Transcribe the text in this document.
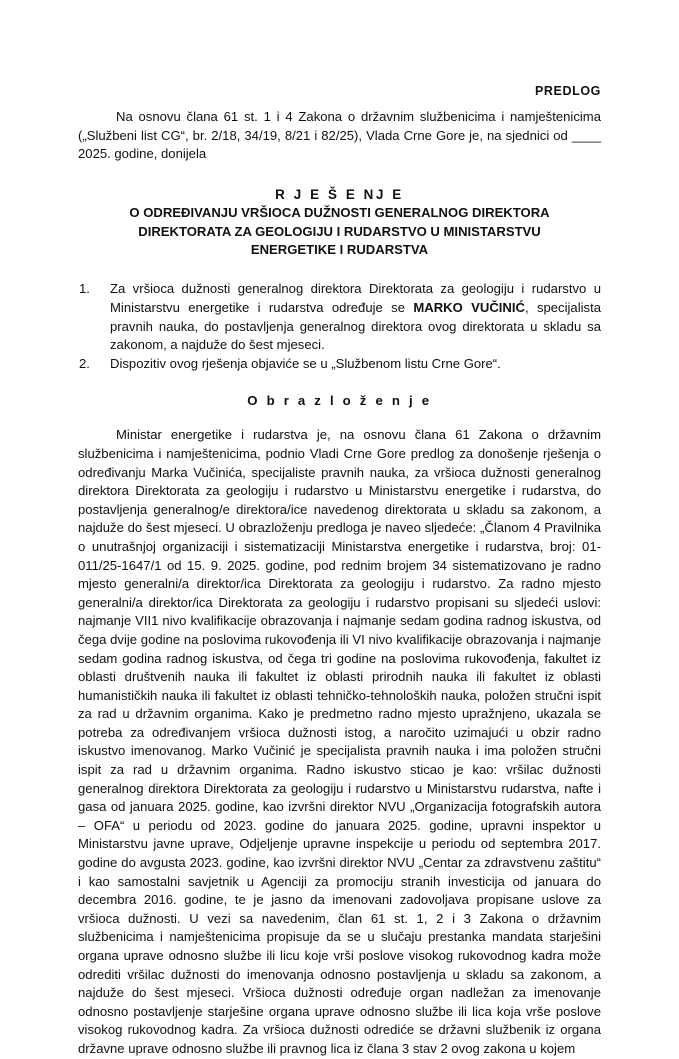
PREDLOG

Na osnovu člana 61 st. 1 i 4 Zakona o državnim službenicima i namještenicima („Službeni list CG“, br. 2/18, 34/19, 8/21 i 82/25), Vlada Crne Gore je, na sjednici od ____ 2025. godine, donijela

R J E Š E NJ E
O ODREĐIVANJU VRŠIOCA DUŽNOSTI GENERALNOG DIREKTORA
DIREKTORATA ZA GEOLOGIJU I RUDARSTVO U MINISTARSTVU
ENERGETIKE I RUDARSTVA
1.	Za vršioca dužnosti generalnog direktora Direktorata za geologiju i rudarstvo u Ministarstvu energetike i rudarstva određuje se MARKO VUČINIĆ, specijalista pravnih nauka, do postavljenja generalnog direktora ovog direktorata u skladu sa zakonom, a najduže do šest mjeseci.
2.	Dispozitiv ovog rješenja objaviće se u „Službenom listu Crne Gore“.
O b r a z l o ž e n j e

Ministar energetike i rudarstva je, na osnovu člana 61 Zakona o državnim službenicima i namještenicima, podnio Vladi Crne Gore predlog za donošenje rješenja o određivanju Marka Vučinića, specijaliste pravnih nauka, za vršioca dužnosti generalnog direktora Direktorata za geologiju i rudarstvo u Ministarstvu energetike i rudarstva, do postavljenja generalnog/e direktora/ice navedenog direktorata u skladu sa zakonom, a najduže do šest mjeseci. U obrazloženju predloga je naveo sljedeće: „Članom 4 Pravilnika o unutrašnjoj organizaciji i sistematizaciji Ministarstva energetike i rudarstva, broj: 01-011/25-1647/1 od 15. 9. 2025. godine, pod rednim brojem 34 sistematizovano je radno mjesto generalni/a direktor/ica Direktorata za geologiju i rudarstvo. Za radno mjesto generalni/a direktor/ica Direktorata za geologiju i rudarstvo propisani su sljedeći uslovi: najmanje VII1 nivo kvalifikacije obrazovanja i najmanje sedam godina radnog iskustva, od čega dvije godine na poslovima rukovođenja ili VI nivo kvalifikacije obrazovanja i najmanje sedam godina radnog iskustva, od čega tri godine na poslovima rukovođenja, fakultet iz oblasti društvenih nauka ili fakultet iz oblasti prirodnih nauka ili fakultet iz oblasti humanističkih nauka ili fakultet iz oblasti tehničko-tehnoloških nauka, položen stručni ispit za rad u državnim organima. Kako je predmetno radno mjesto upražnjeno, ukazala se potreba za određivanjem vršioca dužnosti istog, a naročito uzimajući u obzir radno iskustvo imenovanog. Marko Vučinić je specijalista pravnih nauka i ima položen stručni ispit za rad u državnim organima. Radno iskustvo sticao je kao: vršilac dužnosti generalnog direktora Direktorata za geologiju i rudarstvo u Ministarstvu rudarstva, nafte i gasa od januara 2025. godine, kao izvršni direktor NVU „Organizacija fotografskih autora – OFA“ u periodu od 2023. godine do januara 2025. godine, upravni inspektor u Ministarstvu javne uprave, Odjeljenje upravne inspekcije u periodu od septembra 2017. godine do avgusta 2023. godine, kao izvršni direktor NVU „Centar za zdravstvenu zaštitu“ i kao samostalni savjetnik u Agenciji za promociju stranih investicija od januara do decembra 2016. godine, te je jasno da imenovani zadovoljava propisane uslove za vršioca dužnosti. U vezi sa navedenim, član 61 st. 1, 2 i 3 Zakona o državnim službenicima i namještenicima propisuje da se u slučaju prestanka mandata starješini organa uprave odnosno službe ili licu koje vrši poslove visokog rukovodnog kadra može odrediti vršilac dužnosti do imenovanja odnosno postavljenja u skladu sa zakonom, a najduže do šest mjeseci. Vršioca dužnosti određuje organ nadležan za imenovanje odnosno postavljenje starješine organa uprave odnosno službe ili lica koja vrše poslove visokog rukovodnog kadra. Za vršioca dužnosti odrediće se državni službenik iz organa državne uprave odnosno službe ili pravnog lica iz člana 3 stav 2 ovog zakona u kojem
